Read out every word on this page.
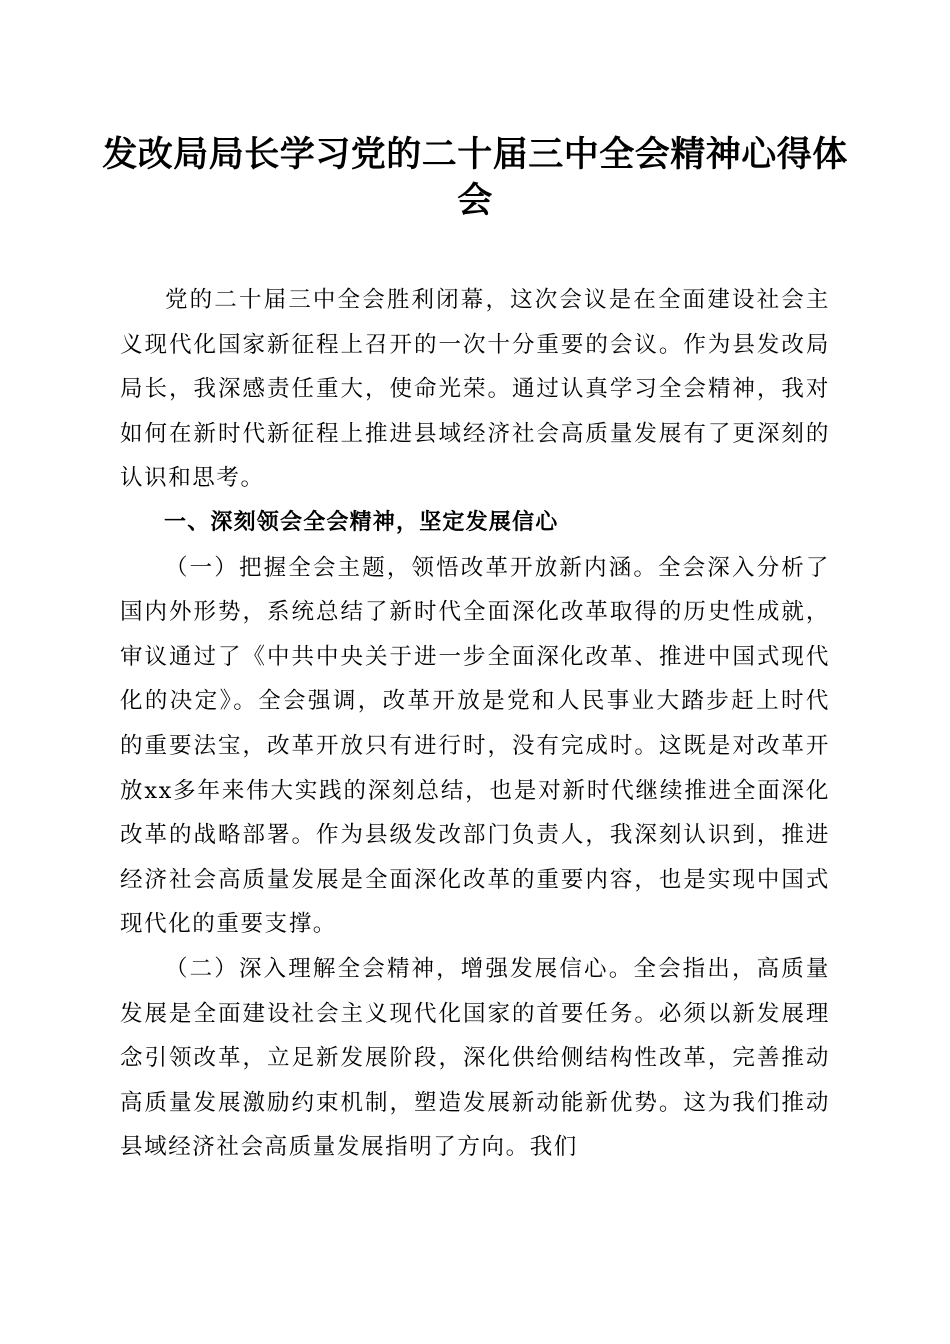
发改局局长学习党的二十届三中全会精神心得体会

党的二十届三中全会胜利闭幕，这次会议是在全面建设社会主义现代化国家新征程上召开的一次十分重要的会议。作为县发改局局长，我深感责任重大，使命光荣。通过认真学习全会精神，我对如何在新时代新征程上推进县域经济社会高质量发展有了更深刻的认识和思考。

一、深刻领会全会精神，坚定发展信心

（一）把握全会主题，领悟改革开放新内涵。全会深入分析了国内外形势，系统总结了新时代全面深化改革取得的历史性成就，审议通过了《中共中央关于进一步全面深化改革、推进中国式现代化的决定》。全会强调，改革开放是党和人民事业大踏步赶上时代的重要法宝，改革开放只有进行时，没有完成时。这既是对改革开放xx多年来伟大实践的深刻总结，也是对新时代继续推进全面深化改革的战略部署。作为县级发改部门负责人，我深刻认识到，推进经济社会高质量发展是全面深化改革的重要内容，也是实现中国式现代化的重要支撑。

（二）深入理解全会精神，增强发展信心。全会指出，高质量发展是全面建设社会主义现代化国家的首要任务。必须以新发展理念引领改革，立足新发展阶段，深化供给侧结构性改革，完善推动高质量发展激励约束机制，塑造发展新动能新优势。这为我们推动县域经济社会高质量发展指明了方向。我们
